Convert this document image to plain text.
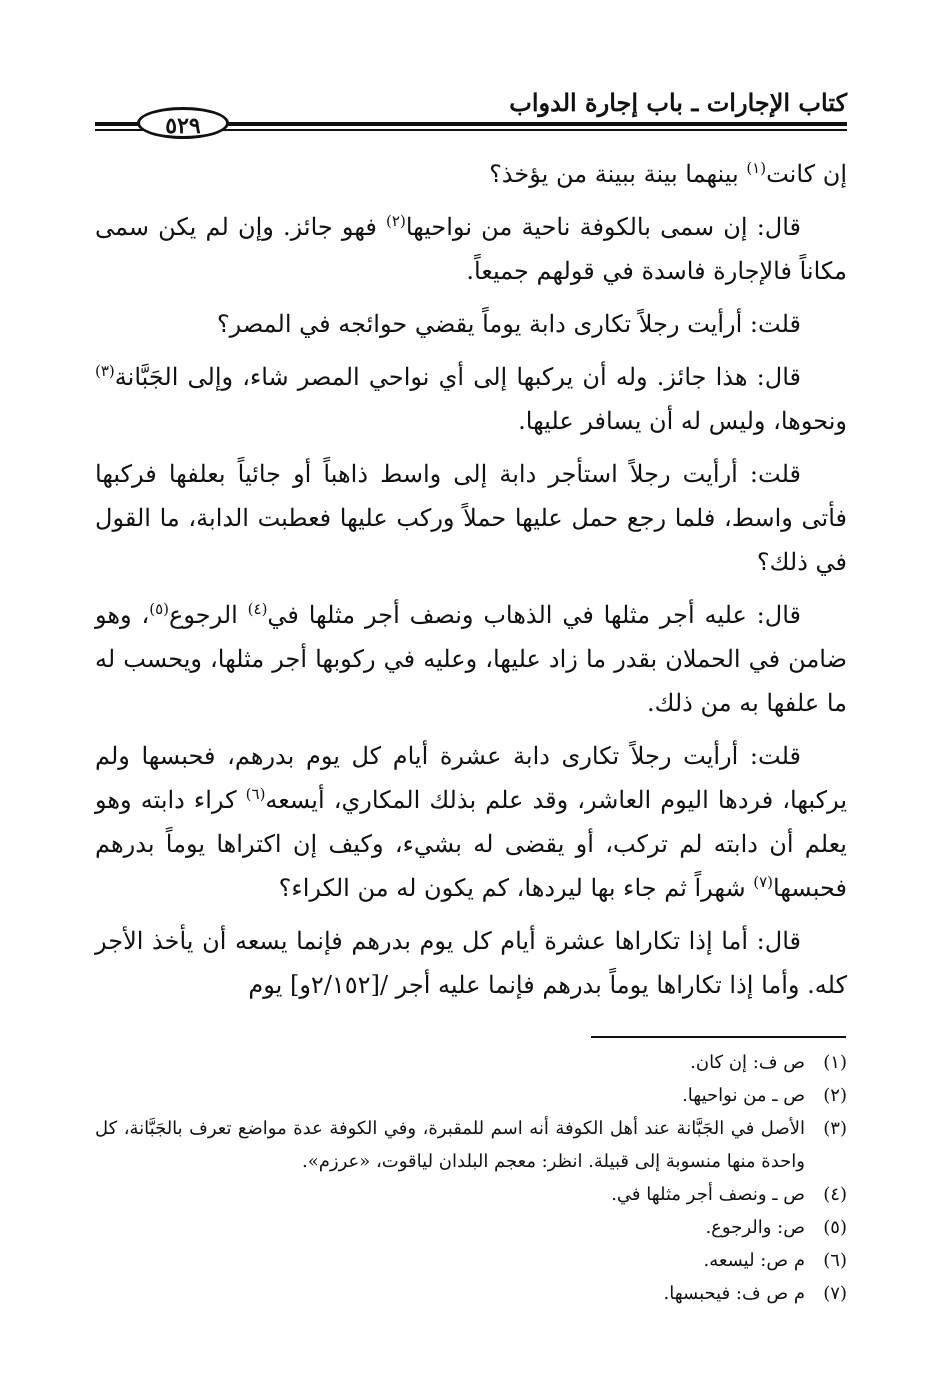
كتاب الإجارات ـ باب إجارة الدواب
٥٢٩

إن كانت$^{(١)}$ بينهما بينة ببينة من يؤخذ؟

قال: إن سمى بالكوفة ناحية من نواحيها$^{(٢)}$ فهو جائز. وإن لم يكن سمى مكاناً فالإجارة فاسدة في قولهم جميعاً.

قلت: أرأيت رجلاً تكارى دابة يوماً يقضي حوائجه في المصر؟

قال: هذا جائز. وله أن يركبها إلى أي نواحي المصر شاء، وإلى الجَبَّانة$^{(٣)}$ ونحوها، وليس له أن يسافر عليها.

قلت: أرأيت رجلاً استأجر دابة إلى واسط ذاهباً أو جائياً بعلفها فركبها فأتى واسط، فلما رجع حمل عليها حملاً وركب عليها فعطبت الدابة، ما القول في ذلك؟

قال: عليه أجر مثلها في الذهاب ونصف أجر مثلها في$^{(٤)}$ الرجوع$^{(٥)}$، وهو ضامن في الحملان بقدر ما زاد عليها، وعليه في ركوبها أجر مثلها، ويحسب له ما علفها به من ذلك.

قلت: أرأيت رجلاً تكارى دابة عشرة أيام كل يوم بدرهم، فحبسها ولم يركبها، فردها اليوم العاشر، وقد علم بذلك المكاري، أيسعه$^{(٦)}$ كراء دابته وهو يعلم أن دابته لم تركب، أو يقضى له بشيء، وكيف إن اكتراها يوماً بدرهم فحبسها$^{(٧)}$ شهراً ثم جاء بها ليردها، كم يكون له من الكراء؟

قال: أما إذا تكاراها عشرة أيام كل يوم بدرهم فإنما يسعه أن يأخذ الأجر كله. وأما إذا تكاراها يوماً بدرهم فإنما عليه أجر /[٢/١٥٢و] يوم

(١)
ص ف: إن كان.
(٢)
ص ـ من نواحيها.
(٣)
الأصل في الجَبَّانة عند أهل الكوفة أنه اسم للمقبرة، وفي الكوفة عدة مواضع تعرف بالجَبَّانة، كل واحدة منها منسوبة إلى قبيلة. انظر: معجم البلدان لياقوت، «عرزم».
(٤)
ص ـ ونصف أجر مثلها في.
(٥)
ص: والرجوع.
(٦)
م ص: ليسعه.
(٧)
م ص ف: فيحبسها.
